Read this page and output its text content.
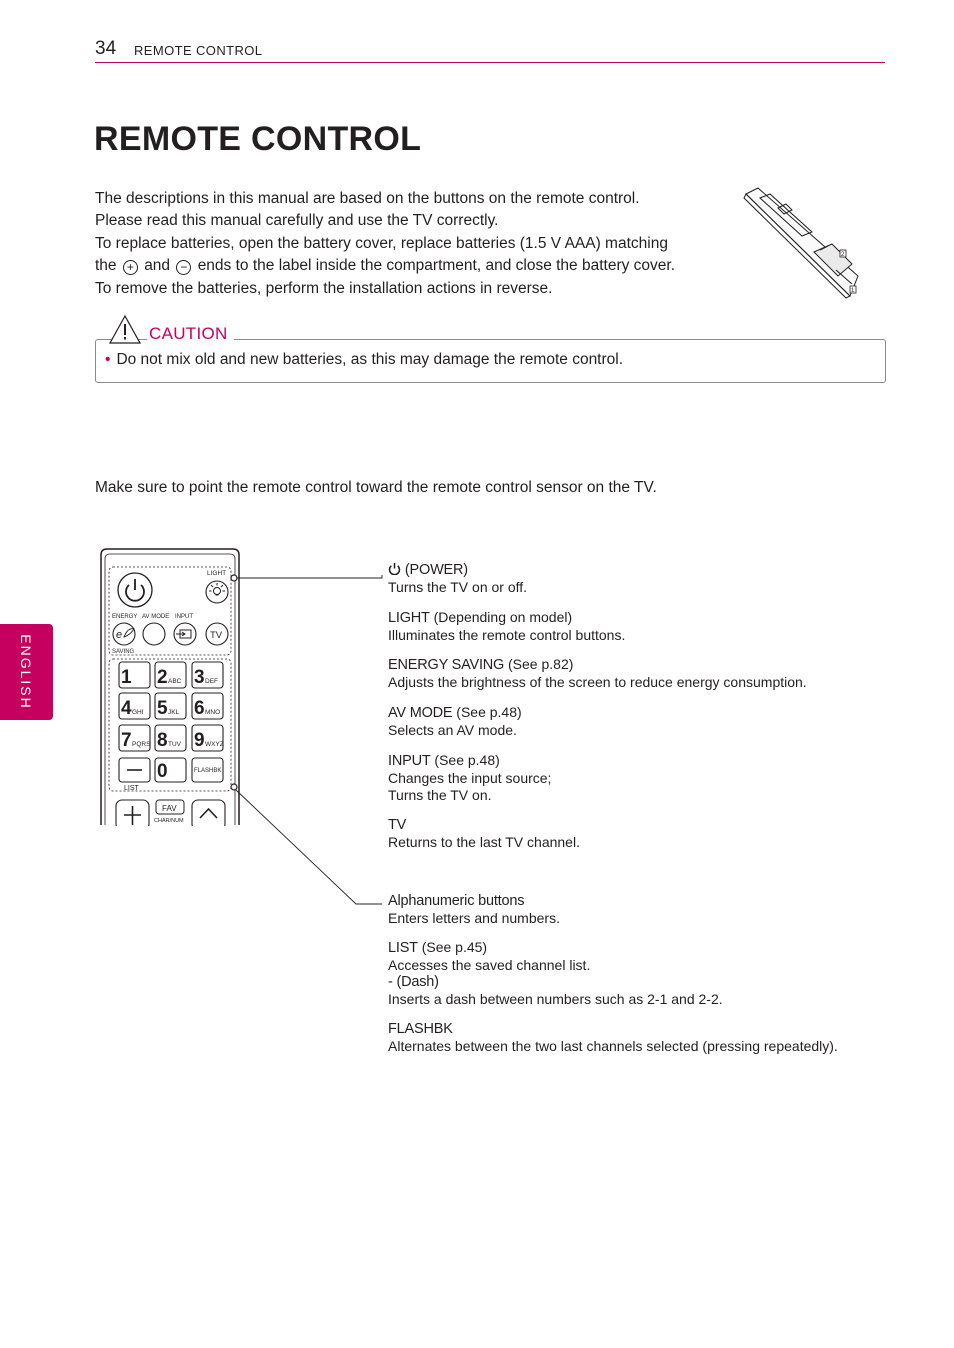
34 REMOTE CONTROL
REMOTE CONTROL

The descriptions in this manual are based on the buttons on the remote control.

Please read this manual carefully and use the TV correctly.

To replace batteries, open the battery cover, replace batteries (1.5 V AAA) matching

the + and − ends to the label inside the compartment, and close the battery cover.

To remove the batteries, perform the installation actions in reverse.

2
1
CAUTION
• Do not mix old and new batteries, as this may damage the remote control.
Make sure to point the remote control toward the remote control sensor on the TV.
ENGLISH
LIGHT
ENERGY AV MODE INPUT
e	TV
SAVING
1 2 ABC 3 DEF
4 GHI 5 JKL 6 MNO
7 PQRS 8 TUV 9 WXYZ
0	FLASHBK
LIST
FAV
CHAR/NUM
(POWER)
Turns the TV on or off.
LIGHT (Depending on model)
Illuminates the remote control buttons.
ENERGY SAVING (See p.82)
Adjusts the brightness of the screen to reduce energy consumption.
AV MODE (See p.48)
Selects an AV mode.
INPUT (See p.48)
Changes the input source;
Turns the TV on.
TV
Returns to the last TV channel.
Alphanumeric buttons
Enters letters and numbers.
LIST (See p.45)
Accesses the saved channel list.
- (Dash)
Inserts a dash between numbers such as 2-1 and 2-2.
FLASHBK
Alternates between the two last channels selected (pressing repeatedly).
